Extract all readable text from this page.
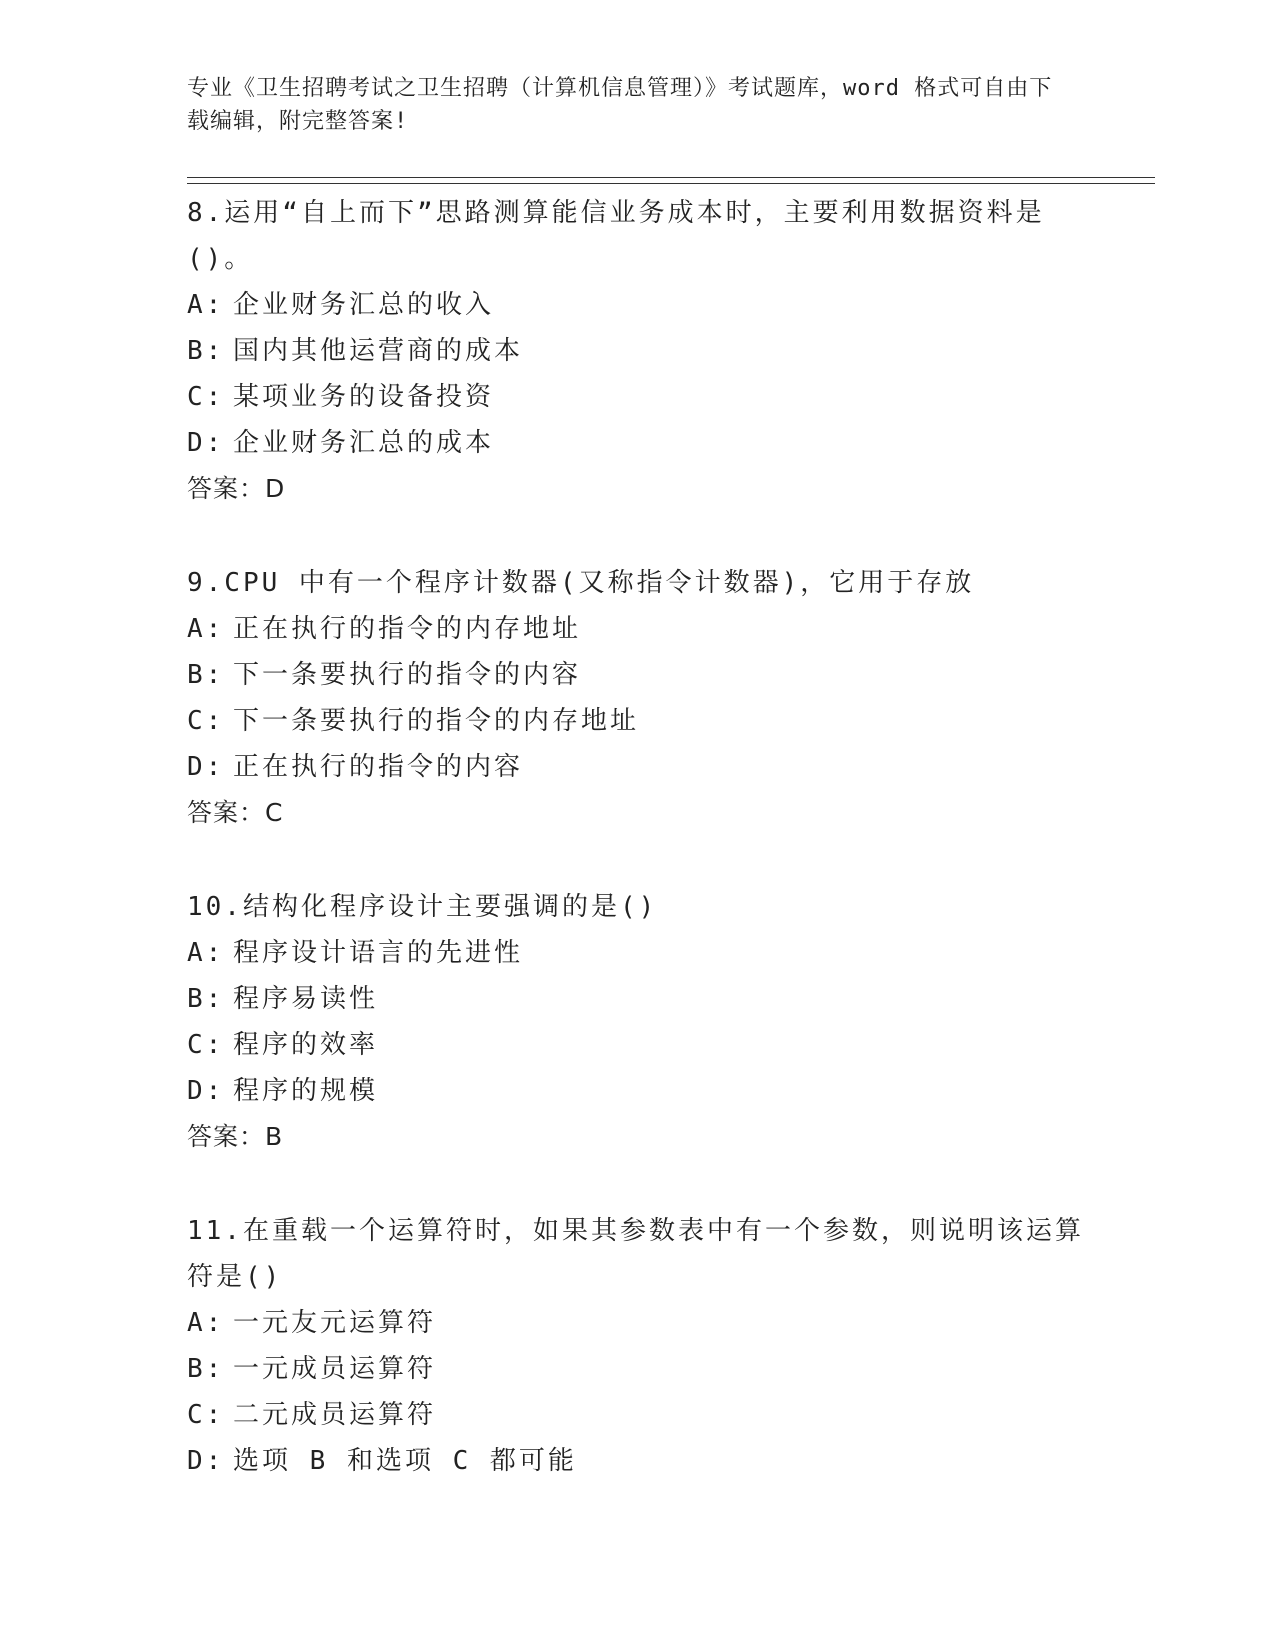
专业《卫生招聘考试之卫生招聘（计算机信息管理）》考试题库，word 格式可自由下载编辑，附完整答案!
8.运用“自上而下”思路测算能信业务成本时，主要利用数据资料是()。
A: 企业财务汇总的收入
B: 国内其他运营商的成本
C: 某项业务的设备投资
D: 企业财务汇总的成本
答案：D
9.CPU 中有一个程序计数器(又称指令计数器)，它用于存放
A: 正在执行的指令的内存地址
B: 下一条要执行的指令的内容
C: 下一条要执行的指令的内存地址
D: 正在执行的指令的内容
答案：C
10.结构化程序设计主要强调的是()
A: 程序设计语言的先进性
B: 程序易读性
C: 程序的效率
D: 程序的规模
答案：B
11.在重载一个运算符时，如果其参数表中有一个参数，则说明该运算符是()
A: 一元友元运算符
B: 一元成员运算符
C: 二元成员运算符
D: 选项 B 和选项 C 都可能
